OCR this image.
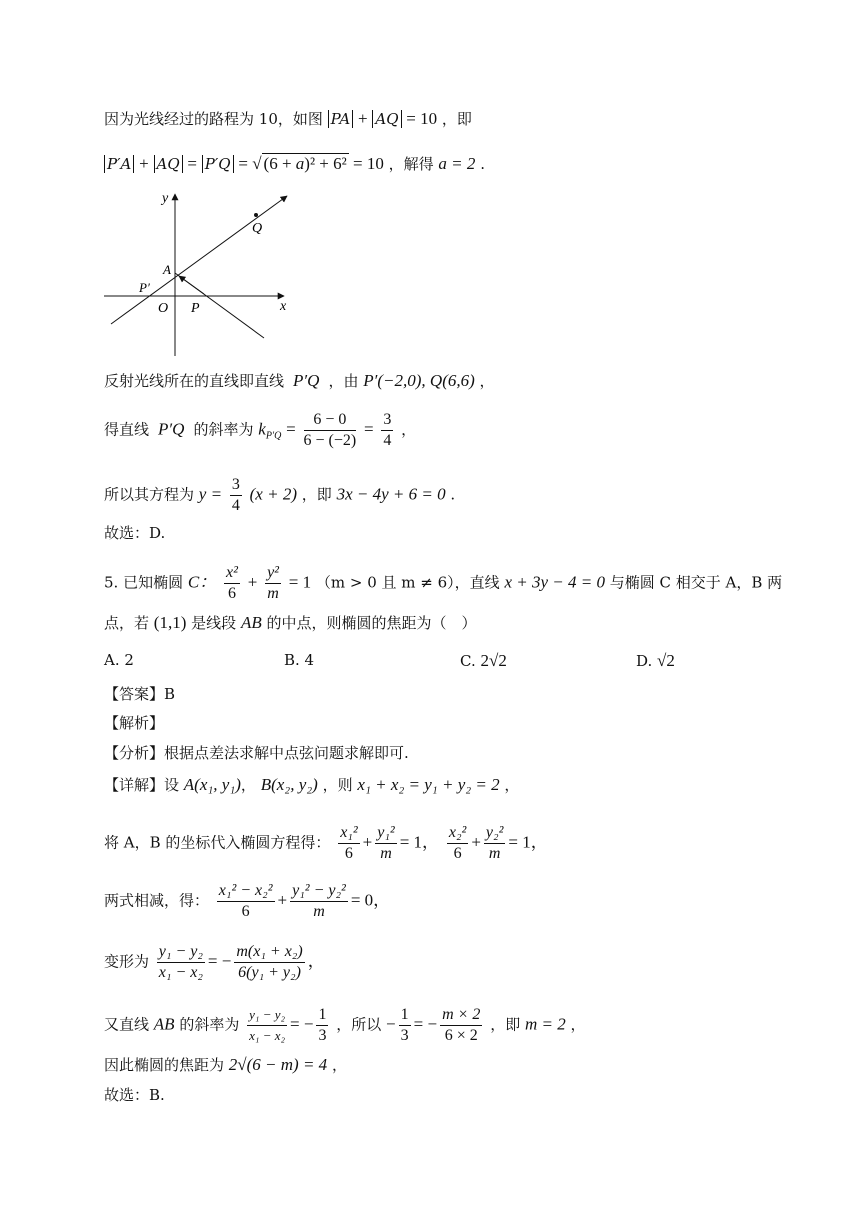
因为光线经过的路程为 10，如图 PA + AQ = 10 ，即
P′A + AQ = P′Q = √ (6 + a)² + 6² = 10 ，解得 a = 2 .
y
x
Q
A
P′
O P
反射光线所在的直线即直线  P′Q  ，由 P′(−2,0), Q(6,6) ，
得直线  P′Q  的斜率为 $k_{P'Q} = \frac{6 - 0}{6 - (-2)} = \frac{3}{4}$ ，
所以其方程为 $y = \frac{3}{4} (x + 2)$ ，即 3x − 4y + 6 = 0 .
故选：D.
5. 已知椭圆 C： $\frac{\text{x²}}{6} + \frac{\text{y²}}{m} = 1$ （m > 0 且 m ≠ 6），直线 x + 3y − 4 = 0 与椭圆 C 相交于 A，B 两
点，若 (1,1) 是线段 AB 的中点，则椭圆的焦距为（　）
A. 2	B. 4	C. 2√2	D. √2
【答案】B
【解析】
【分析】根据点差法求解中点弦问题求解即可.
【详解】设 A(x₁, y₁)， B(x₂, y₂) ，则 x₁ + x₂ = y₁ + y₂ = 2 ，
将 A，B 的坐标代入椭圆方程得： $\frac{\text{x₁²}}{6} + \frac{\text{y₁²}}{m} = 1$， $\frac{\text{x₂²}}{6} + \frac{\text{y₂²}}{m} = 1$，
两式相减，得： $\frac{\text{x₁² − x₂²}}{6} + \frac{\text{y₁² − y₂²}}{m} = 0$，
变形为 $\frac{\text{y₁ − y₂}}{\text{x₁ − x₂}}$ = − $\frac{\text{m(x₁ + x₂)}}{\text{6(y₁ + y₂)}}$ ，
又直线 AB 的斜率为 $\frac{\text{y₁ − y₂}}{\text{x₁ − x₂}}$ = − $\frac{1}{3}$ ，所以 − $\frac{1}{3}$ = − $\frac{m \times 2}{6 \times 2}$ ，即 m = 2 ，
因此椭圆的焦距为 2√(6 − m) = 4 ，
故选：B.
